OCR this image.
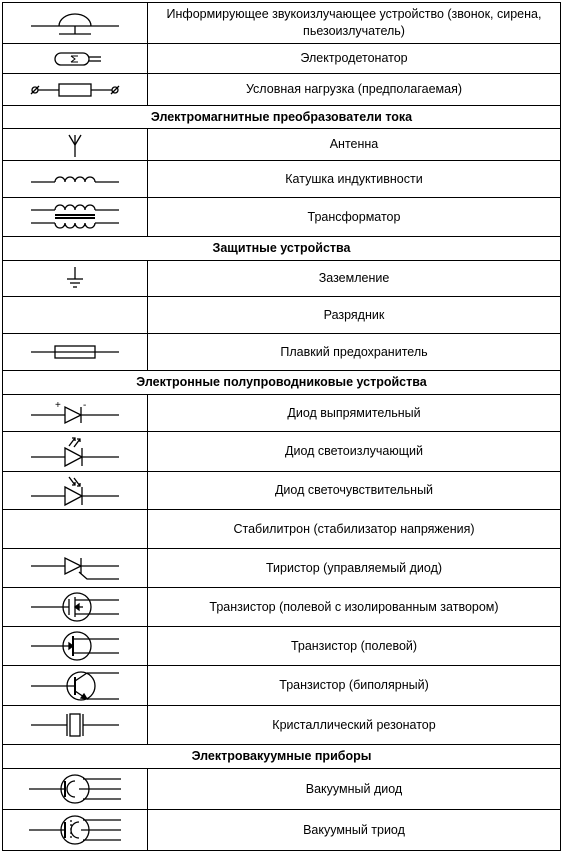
	Информирующее звукоизлучающее устройство (звонок, сирена, пьезоизлучатель)

	Электродетонатор

	Условная нагрузка (предполагаемая)
Электромагнитные преобразователи тока	

	Антенна

	Катушка индуктивности

	Трансформатор
Защитные устройства	

	Заземление
	Разрядник

	Плавкий предохранитель
Электронные полупроводниковые устройства	

+ -	Диод выпрямительный

	Диод светоизлучающий

	Диод светочувствительный
	Стабилитрон (стабилизатор напряжения)

	Тиристор (управляемый диод)

	Транзистор (полевой с изолированным затвором)

	Транзистор (полевой)

	Транзистор (биполярный)

	Кристаллический резонатор
Электровакуумные приборы	

	Вакуумный диод

	Вакуумный триод
